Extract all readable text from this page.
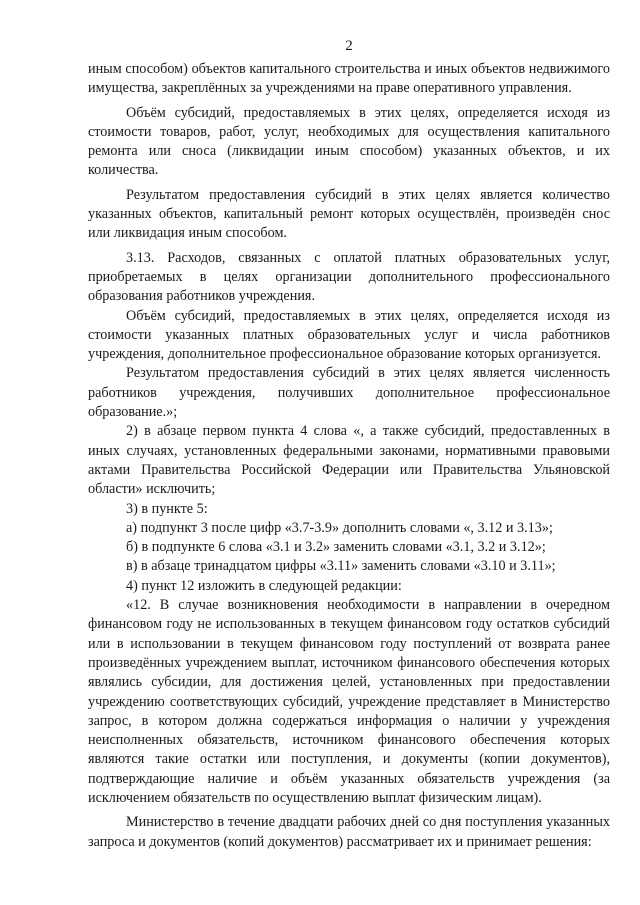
2

иным способом) объектов капитального строительства и иных объектов недвижимого имущества, закреплённых за учреждениями на праве оперативного управления.

Объём субсидий, предоставляемых в этих целях, определяется исходя из стоимости товаров, работ, услуг, необходимых для осуществления капитального ремонта или сноса (ликвидации иным способом) указанных объектов, и их количества.

Результатом предоставления субсидий в этих целях является количество указанных объектов, капитальный ремонт которых осуществлён, произведён снос или ликвидация иным способом.

3.13. Расходов, связанных с оплатой платных образовательных услуг, приобретаемых в целях организации дополнительного профессионального образования работников учреждения.

Объём субсидий, предоставляемых в этих целях, определяется исходя из стоимости указанных платных образовательных услуг и числа работников учреждения, дополнительное профессиональное образование которых организуется.

Результатом предоставления субсидий в этих целях является численность работников учреждения, получивших дополнительное профессиональное образование.»;

2) в абзаце первом пункта 4 слова «, а также субсидий, предоставленных в иных случаях, установленных федеральными законами, нормативными правовыми актами Правительства Российской Федерации или Правительства Ульяновской области» исключить;

3) в пункте 5:

а) подпункт 3 после цифр «3.7-3.9» дополнить словами «, 3.12 и 3.13»;

б) в подпункте 6 слова «3.1 и 3.2» заменить словами «3.1, 3.2 и 3.12»;

в) в абзаце тринадцатом цифры «3.11» заменить словами «3.10 и 3.11»;

4) пункт 12 изложить в следующей редакции:

«12. В случае возникновения необходимости в направлении в очередном финансовом году не использованных в текущем финансовом году остатков субсидий или в использовании в текущем финансовом году поступлений от возврата ранее произведённых учреждением выплат, источником финансового обеспечения которых являлись субсидии, для достижения целей, установленных при предоставлении учреждению соответствующих субсидий, учреждение представляет в Министерство запрос, в котором должна содержаться информация о наличии у учреждения неисполненных обязательств, источником финансового обеспечения которых являются такие остатки или поступления, и документы (копии документов), подтверждающие наличие и объём указанных обязательств учреждения (за исключением обязательств по осуществлению выплат физическим лицам).

Министерство в течение двадцати рабочих дней со дня поступления указанных запроса и документов (копий документов) рассматривает их и принимает решения:
